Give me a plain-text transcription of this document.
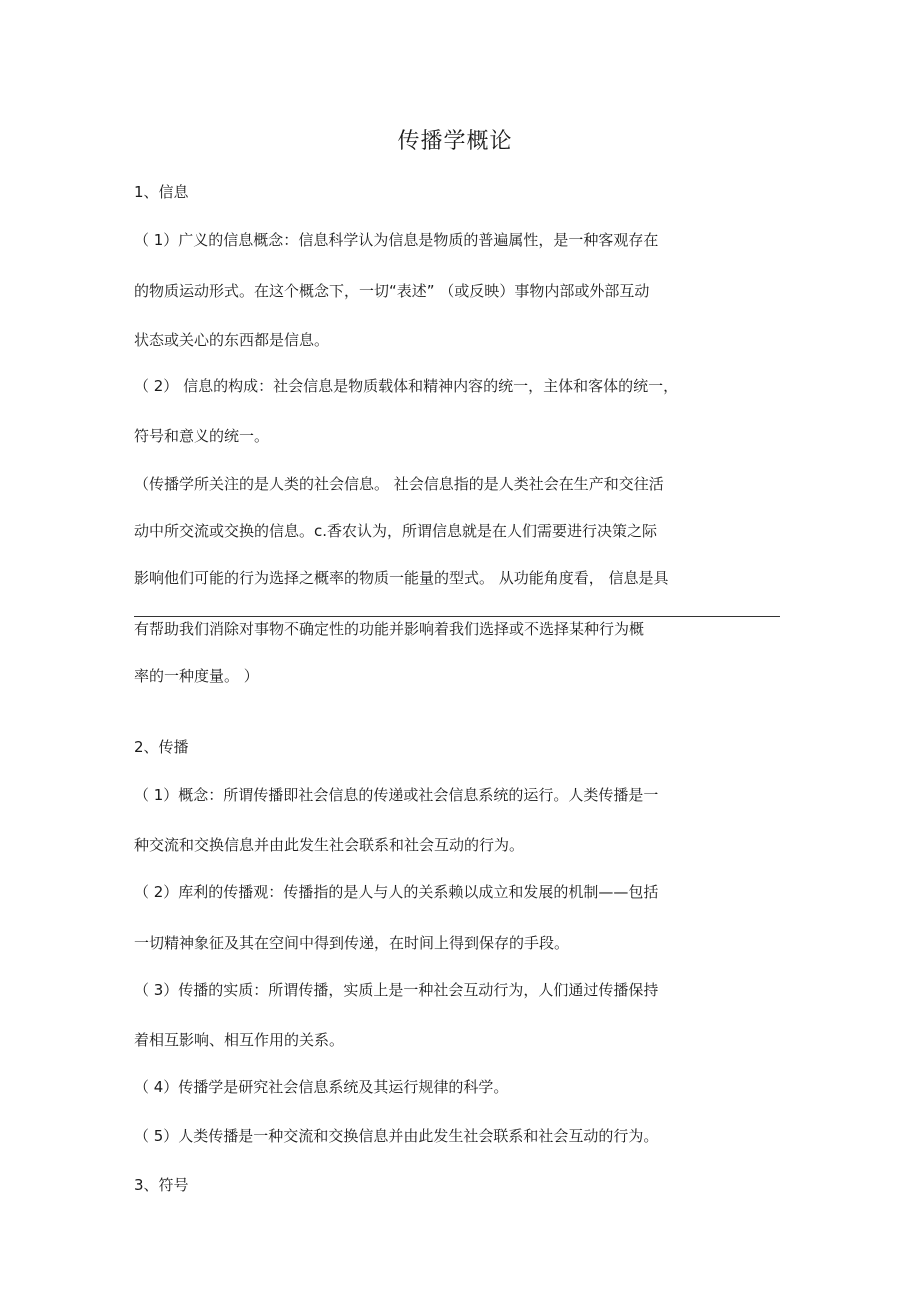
传播学概论
1、信息
（ 1）广义的信息概念：信息科学认为信息是物质的普遍属性，是一种客观存在
的物质运动形式。在这个概念下，一切“表述” （或反映）事物内部或外部互动
状态或关心的东西都是信息。
（ 2） 信息的构成：社会信息是物质载体和精神内容的统一，主体和客体的统一，
符号和意义的统一。
（传播学所关注的是人类的社会信息。 社会信息指的是人类社会在生产和交往活
动中所交流或交换的信息。c.香农认为，所谓信息就是在人们需要进行决策之际
影响他们可能的行为选择之概率的物质一能量的型式。 从功能角度看， 信息是具
有帮助我们消除对事物不确定性的功能并影响着我们选择或不选择某种行为概
率的一种度量。 ）
2、传播
（ 1）概念：所谓传播即社会信息的传递或社会信息系统的运行。人类传播是一
种交流和交换信息并由此发生社会联系和社会互动的行为。
（ 2）库利的传播观：传播指的是人与人的关系赖以成立和发展的机制——包括
一切精神象征及其在空间中得到传递，在时间上得到保存的手段。
（ 3）传播的实质：所谓传播，实质上是一种社会互动行为，人们通过传播保持
着相互影响、相互作用的关系。
（ 4）传播学是研究社会信息系统及其运行规律的科学。
（ 5）人类传播是一种交流和交换信息并由此发生社会联系和社会互动的行为。
3、符号
